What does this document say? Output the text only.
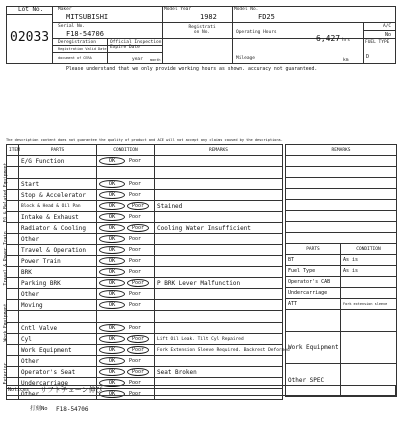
Lot No.
02033
Maker
MITSUBISHI
Model Year
1982
Model No.
FD25
Serial No.
F18-54706
Registrati on No.	Operating Hours
6,427 hrs
A/C
No
Deregistration
Registration Valid Date
document of CERA
Official Inspection Expire Date
year month	Mileage	km
FUEL TYPE
D
Please understand that we only provide working hours as shown. accuracy not guaranteed.
The description content does not guarantee the quality of product and ACE will not accept any claims caused by the descriptions.
ITEM	PARTS	CONDITION	REMARKS
	E/G Function	OK Poor	

	Start	OK Poor	
	Stop & Accelerator	OK Poor	
	Block & Head & Oil Pan	OK Poor	Stained
	Intake & Exhaust	OK Poor	
	Radiator & Cooling	OK Poor	Cooling Water Insufficient
	Other	OK Poor	
	Travel & Operation	OK Poor	
	Power Train	OK Poor	
	BRK	OK Poor	
	Parking BRK	OK Poor	P BRK Lever Malfunction
	Other	OK Poor	
	Moving	OK Poor	

	Cntl Valve	OK Poor	
	Cyl	OK Poor	Lift Oil Leak. Tilt Cyl Repaired
	Work Equipment	OK Poor	Fork Extension Sleeve Required. Backrest Deformed
	Other	OK Poor	
	Operator's Seat	OK Poor	Seat Broken
	Undercarriage	OK Poor	
	Other	OK Poor	
EG & Related Equipment
Travel & Power Train
Work Equipment
Exterior
REMARKS

PARTS	CONDITION
BT	As is
Fuel Type	As is
Operator's CAB	
Undercarriage	
ATT	Fork extension sleeve

Work Equipment	
Other SPEC	
Notices リフトチェーン伸び
打刻No F18-54706
